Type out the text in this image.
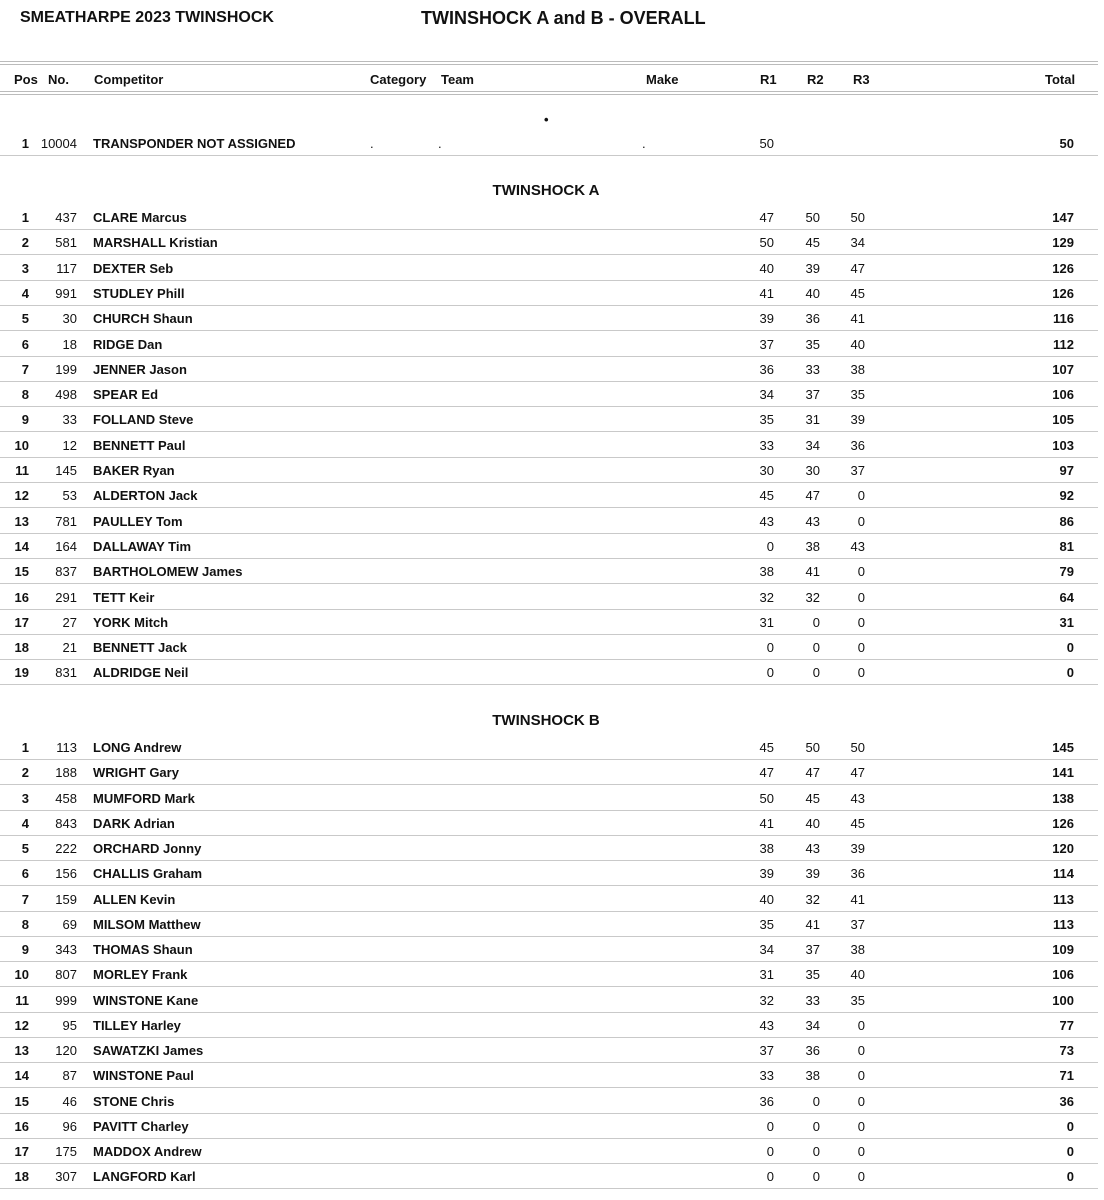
SMEATHARPE 2023 TWINSHOCK	TWINSHOCK A and B - OVERALL
Pos No. Competitor	Category Team	Make	R1 R2 R3	Total
•
1 10004 TRANSPONDER NOT ASSIGNED	.	.	.	50	50
TWINSHOCK A
1	437 CLARE Marcus	47	50	50	147
2	581 MARSHALL Kristian	50	45	34	129
3	117 DEXTER Seb	40	39	47	126
4	991 STUDLEY Phill	41	40	45	126
5	30 CHURCH Shaun	39	36	41	116
6	18 RIDGE Dan	37	35	40	112
7	199 JENNER Jason	36	33	38	107
8	498 SPEAR Ed	34	37	35	106
9	33 FOLLAND Steve	35	31	39	105
10	12 BENNETT Paul	33	34	36	103
11	145 BAKER Ryan	30	30	37	97
12	53 ALDERTON Jack	45	47	0	92
13	781 PAULLEY Tom	43	43	0	86
14	164 DALLAWAY Tim	0	38	43	81
15	837 BARTHOLOMEW James	38	41	0	79
16	291 TETT Keir	32	32	0	64
17	27 YORK Mitch	31	0	0	31
18	21 BENNETT Jack	0	0	0	0
19	831 ALDRIDGE Neil	0	0	0	0
TWINSHOCK B
1	113 LONG Andrew	45	50	50	145
2	188 WRIGHT Gary	47	47	47	141
3	458 MUMFORD Mark	50	45	43	138
4	843 DARK Adrian	41	40	45	126
5	222 ORCHARD Jonny	38	43	39	120
6	156 CHALLIS Graham	39	39	36	114
7	159 ALLEN Kevin	40	32	41	113
8	69 MILSOM Matthew	35	41	37	113
9	343 THOMAS Shaun	34	37	38	109
10	807 MORLEY Frank	31	35	40	106
11	999 WINSTONE Kane	32	33	35	100
12	95 TILLEY Harley	43	34	0	77
13	120 SAWATZKI James	37	36	0	73
14	87 WINSTONE Paul	33	38	0	71
15	46 STONE Chris	36	0	0	36
16	96 PAVITT Charley	0	0	0	0
17	175 MADDOX Andrew	0	0	0	0
18	307 LANGFORD Karl	0	0	0	0
